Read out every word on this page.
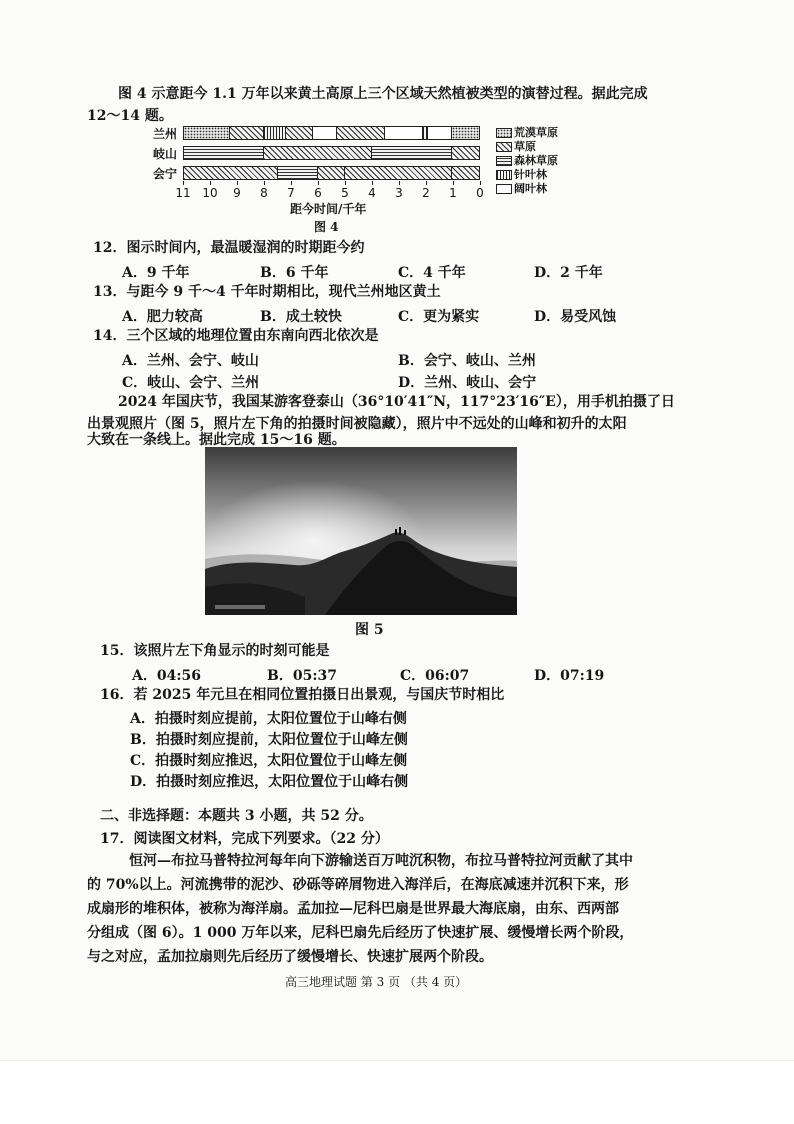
图 4 示意距今 1.1 万年以来黄土高原上三个区域天然植被类型的演替过程。据此完成
12～14 题。
兰州
岐山
会宁
11 10 9 8 7 6 5 4 3 2 1 0
距今时间/千年
图 4
荒漠草原
草原
森林草原
针叶林
阔叶林
12．图示时间内，最温暖湿润的时期距今约
A．9 千年	B．6 千年	C．4 千年	D．2 千年
13．与距今 9 千～4 千年时期相比，现代兰州地区黄土
A．肥力较高	B．成土较快	C．更为紧实	D．易受风蚀
14．三个区域的地理位置由东南向西北依次是
A．兰州、会宁、岐山	B．会宁、岐山、兰州
C．岐山、会宁、兰州	D．兰州、岐山、会宁
2024 年国庆节，我国某游客登泰山（36°10′41″N，117°23′16″E），用手机拍摄了日
出景观照片（图 5，照片左下角的拍摄时间被隐藏），照片中不远处的山峰和初升的太阳
图 5
15．该照片左下角显示的时刻可能是
A．04:56	B．05:37	C．06:07	D．07:19
16．若 2025 年元旦在相同位置拍摄日出景观，与国庆节时相比
A．拍摄时刻应提前，太阳位置位于山峰右侧
B．拍摄时刻应提前，太阳位置位于山峰左侧
C．拍摄时刻应推迟，太阳位置位于山峰左侧
D．拍摄时刻应推迟，太阳位置位于山峰右侧
二、非选择题：本题共 3 小题，共 52 分。
17．阅读图文材料，完成下列要求。（22 分）
恒河—布拉马普特拉河每年向下游输送百万吨沉积物，布拉马普特拉河贡献了其中
的 70%以上。河流携带的泥沙、砂砾等碎屑物进入海洋后，在海底减速并沉积下来，形
成扇形的堆积体，被称为海洋扇。孟加拉—尼科巴扇是世界最大海底扇，由东、西两部
分组成（图 6）。1 000 万年以来，尼科巴扇先后经历了快速扩展、缓慢增长两个阶段，
与之对应，孟加拉扇则先后经历了缓慢增长、快速扩展两个阶段。
高三地理试题 第 3 页 （共 4 页）
大致在一条线上。据此完成 15～16 题。
